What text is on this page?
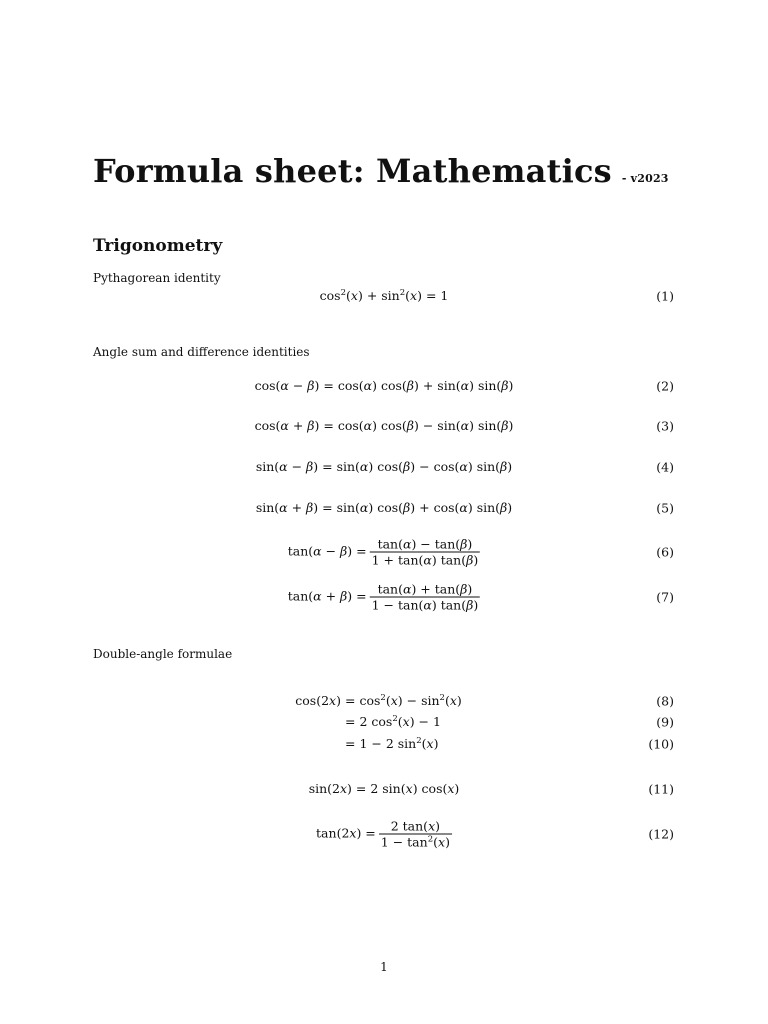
Formula sheet: Mathematics - v2023
Trigonometry
Pythagorean identity
$\cos^2(x) + \sin^2(x) = 1$	(1)
Angle sum and difference identities
cos(α − β) = cos(α) cos(β) + sin(α) sin(β)	(2)
cos(α + β) = cos(α) cos(β) − sin(α) sin(β)	(3)
sin(α − β) = sin(α) cos(β) − cos(α) sin(β)	(4)
sin(α + β) = sin(α) cos(β) + cos(α) sin(β)	(5)
$\tan(\alpha - \beta) = \frac{\tan(\alpha) - \tan(\beta)}{1 + \tan(\alpha) \tan(\beta)}$	(6)
$\tan(\alpha + \beta) = \frac{\tan(\alpha) + \tan(\beta)}{1 - \tan(\alpha) \tan(\beta)}$	(7)
Double-angle formulae
$\cos(2x) = \cos^2(x) - \sin^2(x)$	(8)
= 2 $\cos^2(x) - 1$	(9)
= 1 − 2 $\sin^2(x)$	(10)
sin(2x) = 2 sin(x) cos(x)	(11)
$\tan(2x) = \frac{2 \tan(x)}{1 - \tan^2(x)}$	(12)
1
